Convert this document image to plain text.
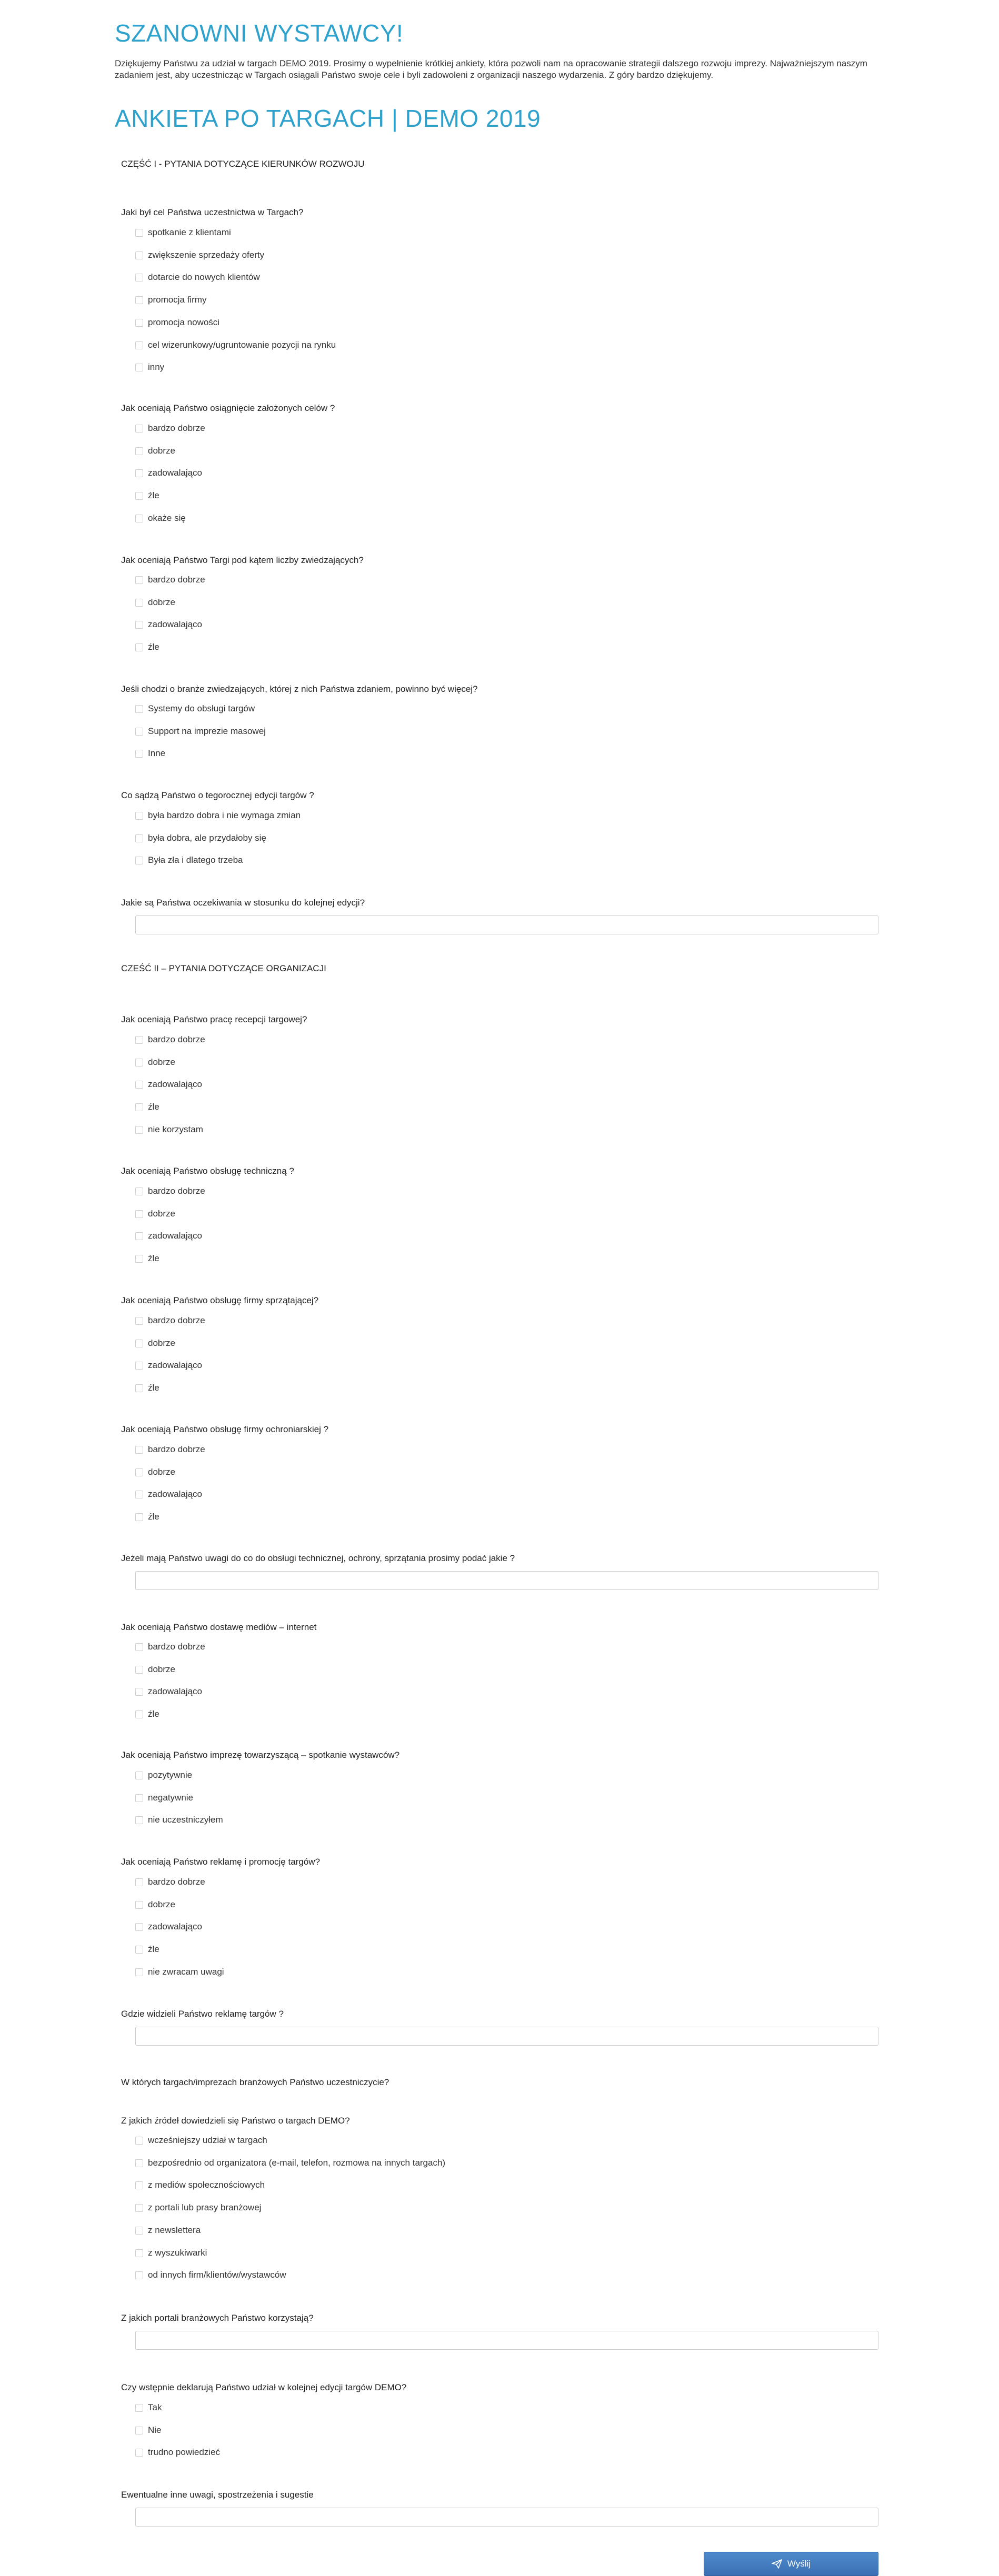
SZANOWNI WYSTAWCY!
Dziękujemy Państwu za udział w targach DEMO 2019. Prosimy o wypełnienie krótkiej ankiety, która pozwoli nam na opracowanie strategii dalszego rozwoju imprezy. Najważniejszym naszym zadaniem jest, aby uczestnicząc w Targach osiągali Państwo swoje cele i byli zadowoleni z organizacji naszego wydarzenia. Z góry bardzo dziękujemy.
ANKIETA PO TARGACH | DEMO 2019
CZĘŚĆ I - PYTANIA DOTYCZĄCE KIERUNKÓW ROZWOJU
CZEŚĆ II – PYTANIA DOTYCZĄCE ORGANIZACJI
Wyślij
Jaki był cel Państwa uczestnictwa w Targach?
spotkanie z klientami
zwiększenie sprzedaży oferty
dotarcie do nowych klientów
promocja firmy
promocja nowości
cel wizerunkowy/ugruntowanie pozycji na rynku
inny
Jak oceniają Państwo osiągnięcie założonych celów ?
bardzo dobrze
dobrze
zadowalająco
źle
okaże się
Jak oceniają Państwo Targi pod kątem liczby zwiedzających?
bardzo dobrze
dobrze
zadowalająco
źle
Jeśli chodzi o branże zwiedzających, której z nich Państwa zdaniem, powinno być więcej?
Systemy do obsługi targów
Support na imprezie masowej
Inne
Co sądzą Państwo o tegorocznej edycji targów ?
była bardzo dobra i nie wymaga zmian
była dobra, ale przydałoby się
Była zła i dlatego trzeba
Jakie są Państwa oczekiwania w stosunku do kolejnej edycji?
Jak oceniają Państwo pracę recepcji targowej?
bardzo dobrze
dobrze
zadowalająco
źle
nie korzystam
Jak oceniają Państwo obsługę techniczną ?
bardzo dobrze
dobrze
zadowalająco
źle
Jak oceniają Państwo obsługę firmy sprzątającej?
bardzo dobrze
dobrze
zadowalająco
źle
Jak oceniają Państwo obsługę firmy ochroniarskiej ?
bardzo dobrze
dobrze
zadowalająco
źle
Jeżeli mają Państwo uwagi do co do obsługi technicznej, ochrony, sprzątania prosimy podać jakie ?
Jak oceniają Państwo dostawę mediów – internet
bardzo dobrze
dobrze
zadowalająco
źle
Jak oceniają Państwo imprezę towarzyszącą – spotkanie wystawców?
pozytywnie
negatywnie
nie uczestniczyłem
Jak oceniają Państwo reklamę i promocję targów?
bardzo dobrze
dobrze
zadowalająco
źle
nie zwracam uwagi
Gdzie widzieli Państwo reklamę targów ?
W których targach/imprezach branżowych Państwo uczestniczycie?
Z jakich źródeł dowiedzieli się Państwo o targach DEMO?
wcześniejszy udział w targach
bezpośrednio od organizatora (e-mail, telefon, rozmowa na innych targach)
z mediów społecznościowych
z portali lub prasy branżowej
z newslettera
z wyszukiwarki
od innych firm/klientów/wystawców
Z jakich portali branżowych Państwo korzystają?
Czy wstępnie deklarują Państwo udział w kolejnej edycji targów DEMO?
Tak
Nie
trudno powiedzieć
Ewentualne inne uwagi, spostrzeżenia i sugestie
